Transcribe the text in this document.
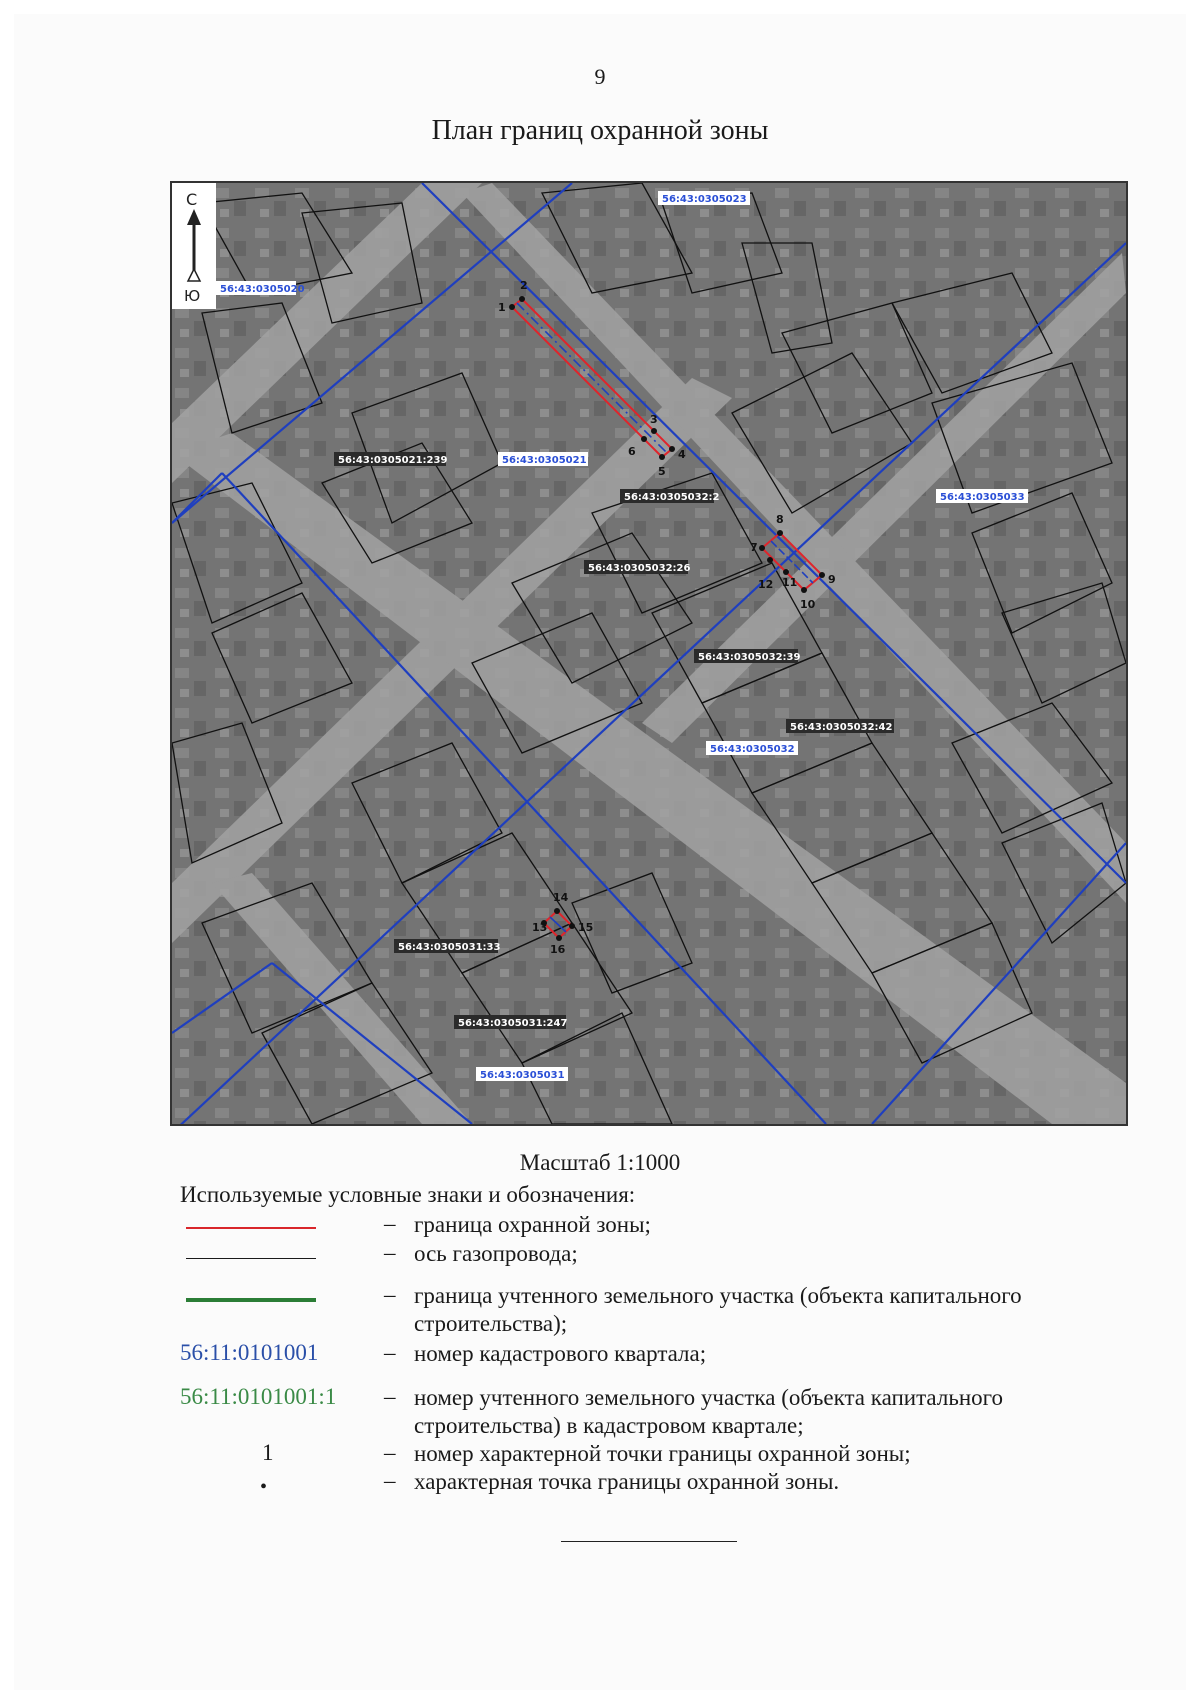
9
План границ охранной зоны
1
2
3
4
5
6
7
8
9
10
11
12
13
14
15
16
56:43:0305020
56:43:0305023
56:43:0305021
56:43:0305033
56:43:0305032
56:43:0305031
56:43:0305021:239
56:43:0305032:2
56:43:0305032:26
56:43:0305032:39
56:43:0305032:42
56:43:0305031:33
56:43:0305031:247
С
Ю
Масштаб 1:1000
Используемые условные знаки и обозначения:
– граница охранной зоны;
– ось газопровода;
– граница учтенного земельного участка (объекта капитального строительства);
56:11:0101001	– номер кадастрового квартала;
56:11:0101001:1 – номер учтенного земельного участка (объекта капитального строительства) в кадастровом квартале;
1	– номер характерной точки границы охранной зоны;
•	– характерная точка границы охранной зоны.
